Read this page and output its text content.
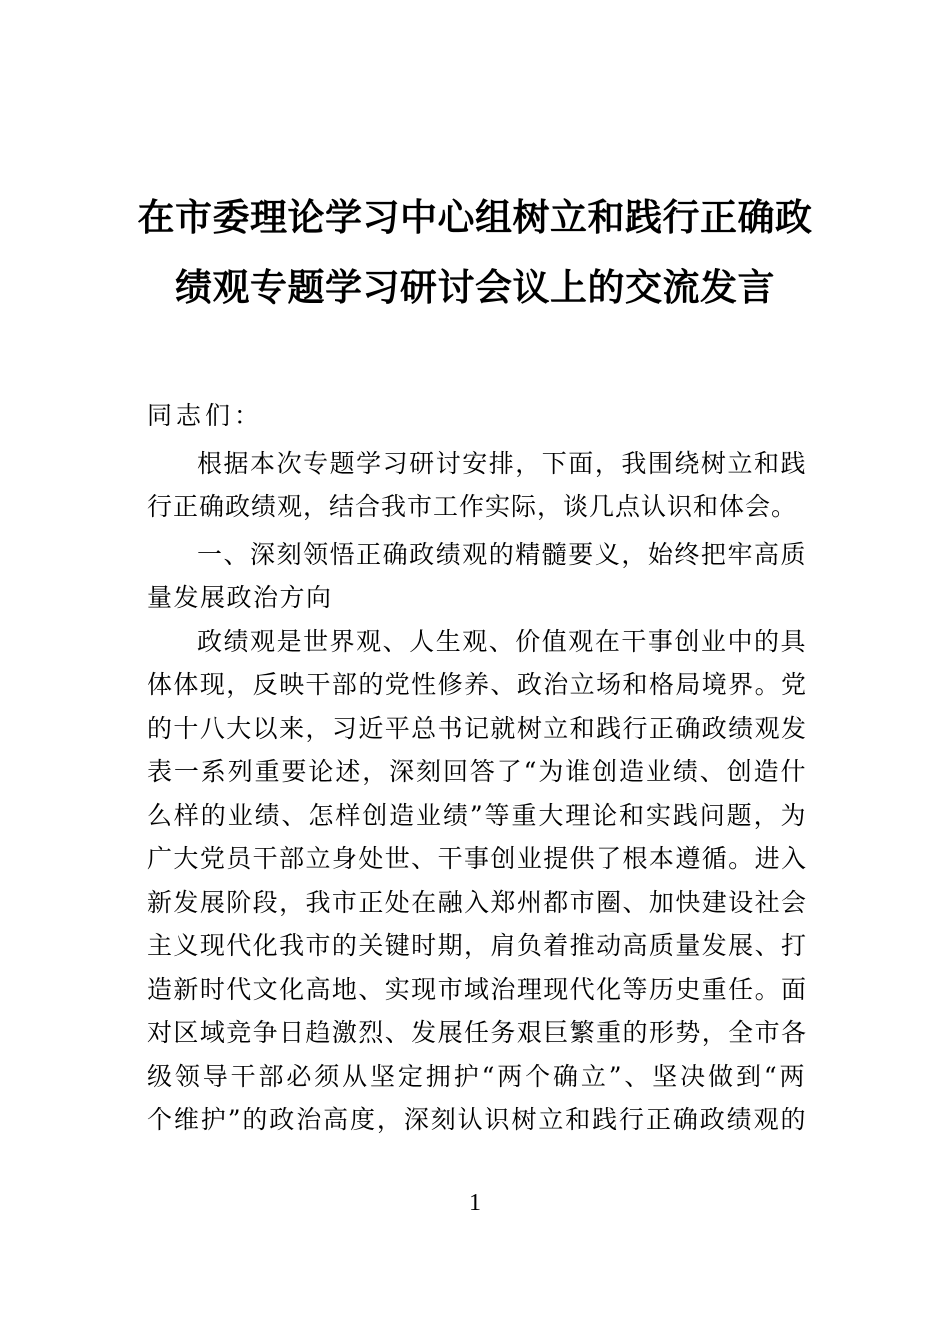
在市委理论学习中心组树立和践行正确政
绩观专题学习研讨会议上的交流发言
同志们：
根据本次专题学习研讨安排，下面，我围绕树立和践
行正确政绩观，结合我市工作实际，谈几点认识和体会。
一、深刻领悟正确政绩观的精髓要义，始终把牢高质
量发展政治方向
政绩观是世界观、人生观、价值观在干事创业中的具
体体现，反映干部的党性修养、政治立场和格局境界。党
的十八大以来，习近平总书记就树立和践行正确政绩观发
表一系列重要论述，深刻回答了“为谁创造业绩、创造什
么样的业绩、怎样创造业绩”等重大理论和实践问题，为
广大党员干部立身处世、干事创业提供了根本遵循。进入
新发展阶段，我市正处在融入郑州都市圈、加快建设社会
主义现代化我市的关键时期，肩负着推动高质量发展、打
造新时代文化高地、实现市域治理现代化等历史重任。面
对区域竞争日趋激烈、发展任务艰巨繁重的形势，全市各
级领导干部必须从坚定拥护“两个确立”、坚决做到“两
个维护”的政治高度，深刻认识树立和践行正确政绩观的
1
